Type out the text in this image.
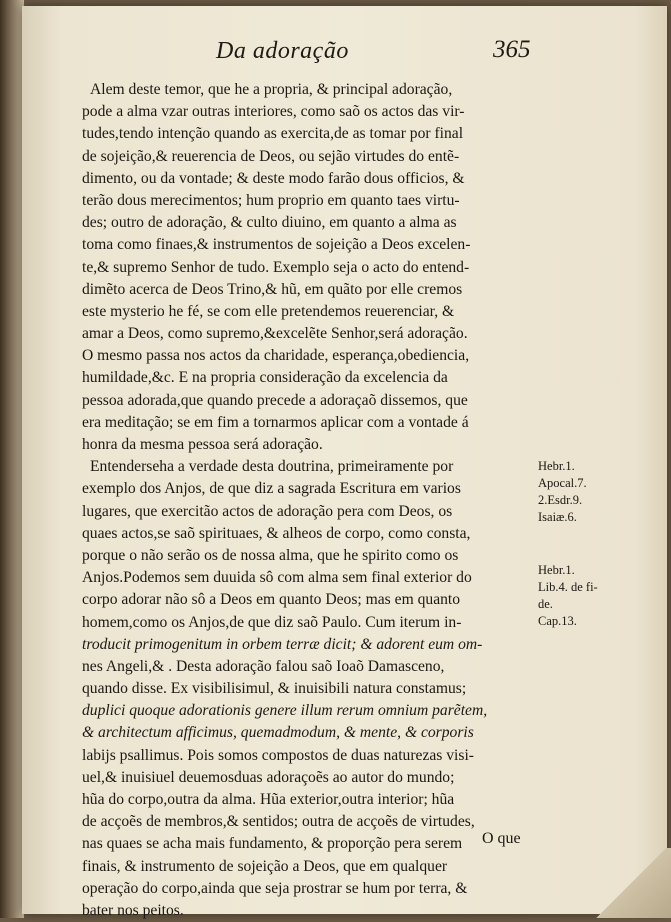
Da adoração	365
Alem deste temor, que he a propria, & principal adoração,
pode a alma vzar outras interiores, como saõ os actos das vir-
tudes,tendo intenção quando as exercita,de as tomar por final
de sojeição,& reuerencia de Deos, ou sejão virtudes do entẽ-
dimento, ou da vontade; & deste modo farão dous officios, &
terão dous merecimentos; hum proprio em quanto taes virtu-
des; outro de adoração, & culto diuino, em quanto a alma as
toma como finaes,& instrumentos de sojeição a Deos excelen-
te,& supremo Senhor de tudo. Exemplo seja o acto do entend-
dimẽto acerca de Deos Trino,& hũ, em quãto por elle cremos
este mysterio he fé, se com elle pretendemos reuerenciar, &
amar a Deos, como supremo,&excelẽte Senhor,será adoração.
O mesmo passa nos actos da charidade, esperança,obediencia,
humildade,&c. E na propria consideração da excelencia da
pessoa adorada,que quando precede a adoraçaõ dissemos, que
era meditação; se em fim a tornarmos aplicar com a vontade á
honra da mesma pessoa será adoração.
Entenderseha a verdade desta doutrina, primeiramente por
exemplo dos Anjos, de que diz a sagrada Escritura em varios
lugares, que exercitão actos de adoração pera com Deos, os
quaes actos,se saõ spirituaes, & alheos de corpo, como consta,
porque o não serão os de nossa alma, que he spirito como os
Anjos.Podemos sem duuida sô com alma sem final exterior do
corpo adorar não sô a Deos em quanto Deos; mas em quanto
homem,como os Anjos,de que diz saõ Paulo. Cum iterum in-
troducit primogenitum in orbem terræ dicit; & adorent eum om-
nes Angeli,& . Desta adoração falou saõ Ioaõ Damasceno,
quando disse. Ex visibilisimul, & inuisibili natura constamus;
duplici quoque adorationis genere illum rerum omnium parẽtem,
& architectum afficimus, quemadmodum, & mente, & corporis
labijs psallimus. Pois somos compostos de duas naturezas visi-
uel,& inuisiuel deuemosduas adoraçoẽs ao autor do mundo;
hũa do corpo,outra da alma. Hũa exterior,outra interior; hũa
de acçoẽs de membros,& sentidos; outra de acçoẽs de virtudes,
nas quaes se acha mais fundamento, & proporção pera serem
finais, & instrumento de sojeição a Deos, que em qualquer
operação do corpo,ainda que seja prostrar se hum por terra, &
bater nos peitos.
Hebr.1.
Apocal.7.
2.Esdr.9.
Isaiæ.6.
Hebr.1.
Lib.4. de fi-
de.
Cap.13.
O que
